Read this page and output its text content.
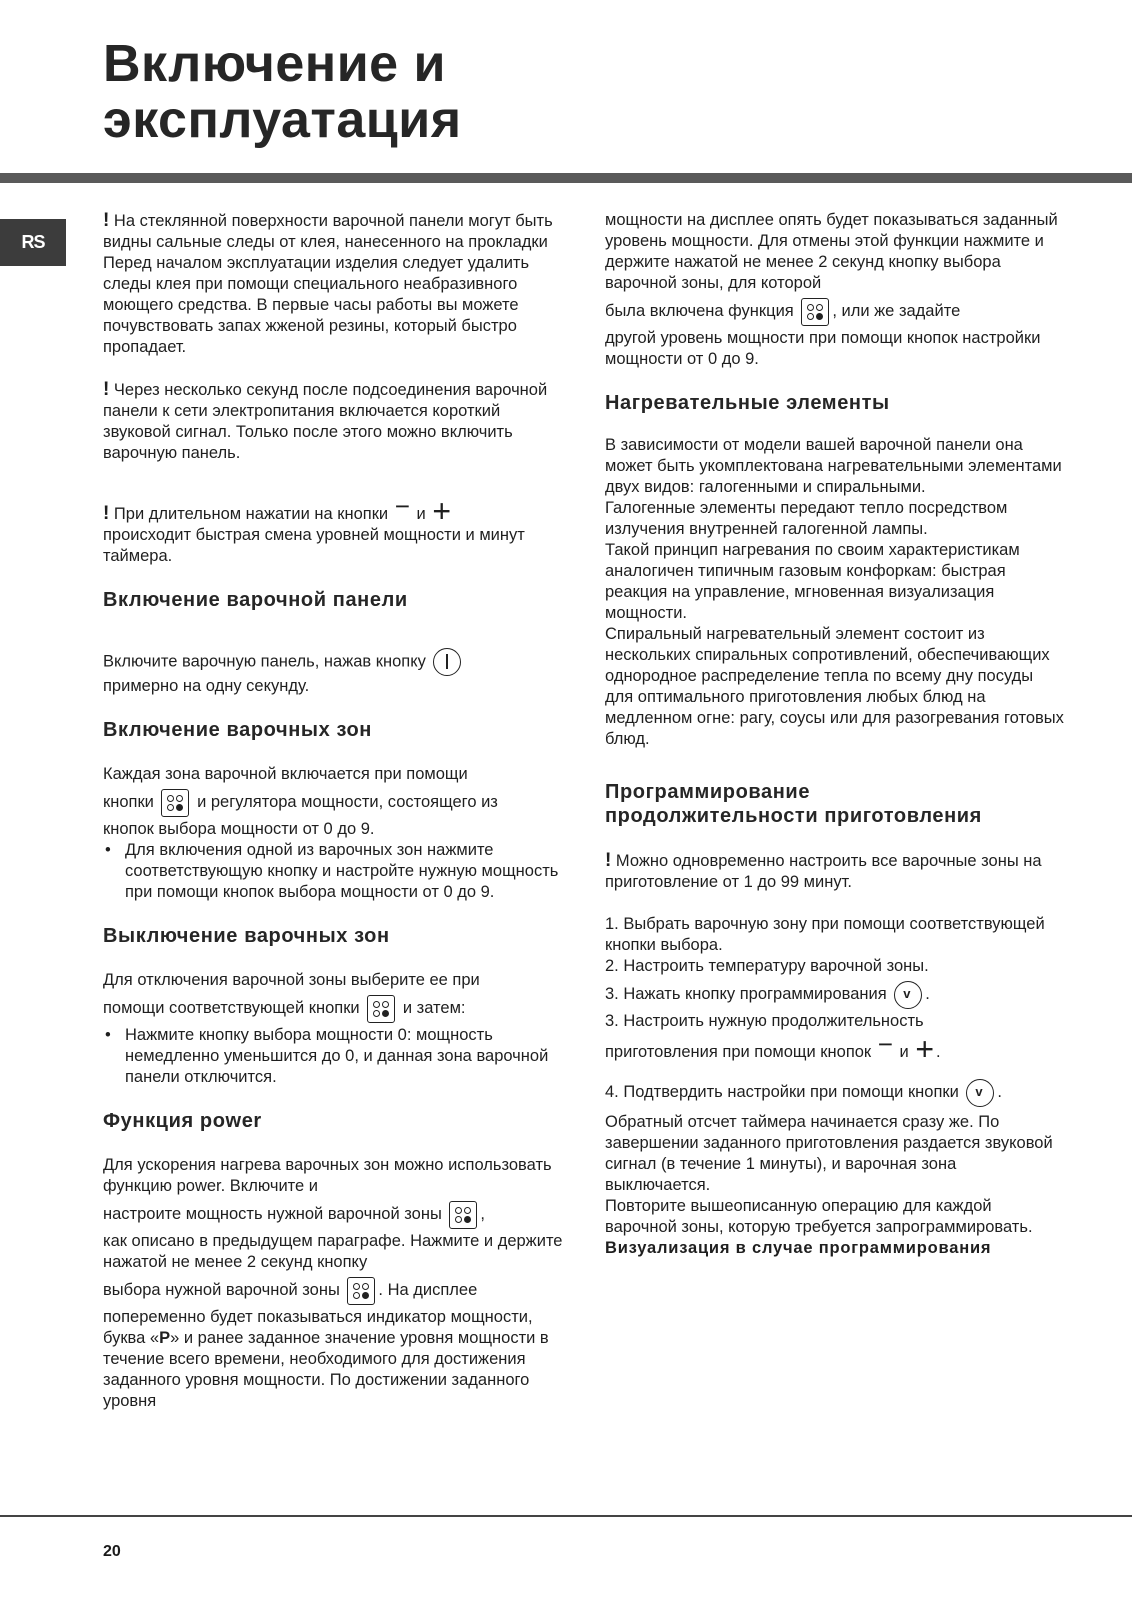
Включение и
эксплуатация
RS

! На стеклянной поверхности варочной панели могут быть видны сальные следы от клея, нанесенного на прокладки Перед началом эксплуатации изделия следует удалить следы клея при помощи специального неабразивного моющего средства. В первые часы работы вы можете почувствовать запах жженой резины, который быстро пропадает.

! Через несколько секунд после подсоединения варочной панели к сети электропитания включается короткий звуковой сигнал. Только после этого можно включить варочную панель.

! При длительном нажатии на кнопки − и +
происходит быстрая смена уровней мощности и минут таймера.

Включение варочной панели

Включите варочную панель, нажав кнопку

примерно на одну секунду.

Включение варочных зон

Каждая зона варочной включается при помощи
кнопки	и регулятора мощности, состоящего из
кнопок выбора мощности от 0 до 9.

• Для включения одной из варочных зон нажмите соответствующую кнопку и настройте нужную мощность при помощи кнопок выбора мощности от 0 до 9.
Выключение варочных зон

Для отключения варочной зоны выберите ее при
помощи соответствующей кнопки	и затем:

• Нажмите кнопку выбора мощности 0: мощность немедленно уменьшится до 0, и данная зона варочной панели отключится.
Функция power

Для ускорения нагрева варочных зон можно использовать функцию power. Включите и
настроите мощность нужной варочной зоны ,
как описано в предыдущем параграфе. Нажмите и держите нажатой не менее 2 секунд кнопку
выбора нужной варочной зоны . На дисплее
попеременно будет показываться индикатор мощности, буква «P» и ранее заданное значение уровня мощности в течение всего времени, необходимого для достижения заданного уровня мощности. По достижении заданного уровня

мощности на дисплее опять будет показываться заданный уровень мощности. Для отмены этой функции нажмите и держите нажатой не менее 2 секунд кнопку выбора варочной зоны, для которой
была включена функция , или же задайте
другой уровень мощности при помощи кнопок настройки мощности от 0 до 9.

Нагревательные элементы

В зависимости от модели вашей варочной панели она может быть укомплектована нагревательными элементами двух видов: галогенными и спиральными.
Галогенные элементы передают тепло посредством излучения внутренней галогенной лампы.
Такой принцип нагревания по своим характеристикам аналогичен типичным газовым конфоркам: быстрая реакция на управление, мгновенная визуализация мощности.
Спиральный нагревательный элемент состоит из нескольких спиральных сопротивлений, обеспечивающих однородное распределение тепла по всему дну посуды для оптимального приготовления любых блюд на медленном огне: рагу, соусы или для разогревания готовых блюд.

Программирование
продолжительности приготовления

! Можно одновременно настроить все варочные зоны на приготовление от 1 до 99 минут.

1. Выбрать варочную зону при помощи соответствующей кнопки выбора.
2. Настроить температуру варочной зоны.
3. Нажать кнопку программирования v .
3. Настроить нужную продолжительность
приготовления при помощи кнопок − и + .
4. Подтвердить настройки при помощи кнопки v .

Обратный отсчет таймера начинается сразу же. По завершении заданного приготовления раздается звуковой сигнал (в течение 1 минуты), и варочная зона выключается.
Повторите вышеописанную операцию для каждой варочной зоны, которую требуется запрограммировать.

Визуализация в случае программирования
20
